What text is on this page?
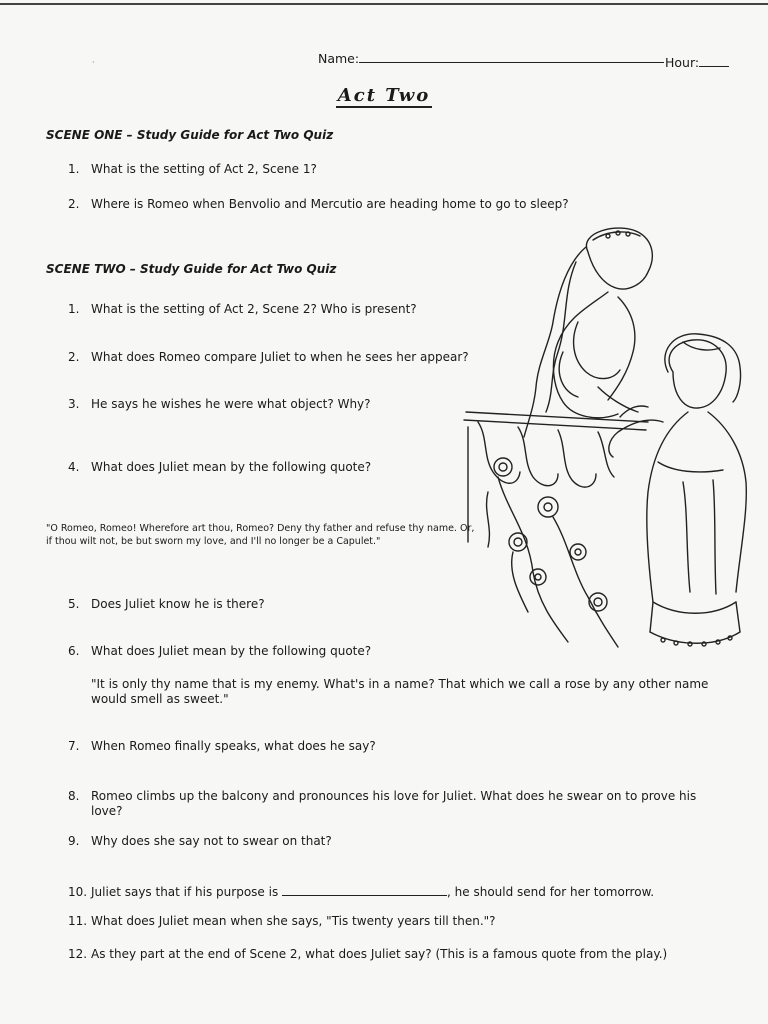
·	Name:	Hour:
Act Two
SCENE ONE – Study Guide for Act Two Quiz
1. What is the setting of Act 2, Scene 1?
2. Where is Romeo when Benvolio and Mercutio are heading home to go to sleep?
SCENE TWO – Study Guide for Act Two Quiz
1. What is the setting of Act 2, Scene 2? Who is present?
2. What does Romeo compare Juliet to when he sees her appear?
3. He says he wishes he were what object? Why?
4. What does Juliet mean by the following quote?
"O Romeo, Romeo! Wherefore art thou, Romeo? Deny thy father and refuse thy name. Or, if thou wilt not, be but sworn my love, and I'll no longer be a Capulet."
5. Does Juliet know he is there?
6. What does Juliet mean by the following quote?
"It is only thy name that is my enemy. What's in a name? That which we call a rose by any other name would smell as sweet."
7. When Romeo finally speaks, what does he say?
8. Romeo climbs up the balcony and pronounces his love for Juliet. What does he swear on to prove his love?
9. Why does she say not to swear on that?
10. Juliet says that if his purpose is	, he should send for her tomorrow.
11. What does Juliet mean when she says, "Tis twenty years till then."?
12. As they part at the end of Scene 2, what does Juliet say? (This is a famous quote from the play.)
